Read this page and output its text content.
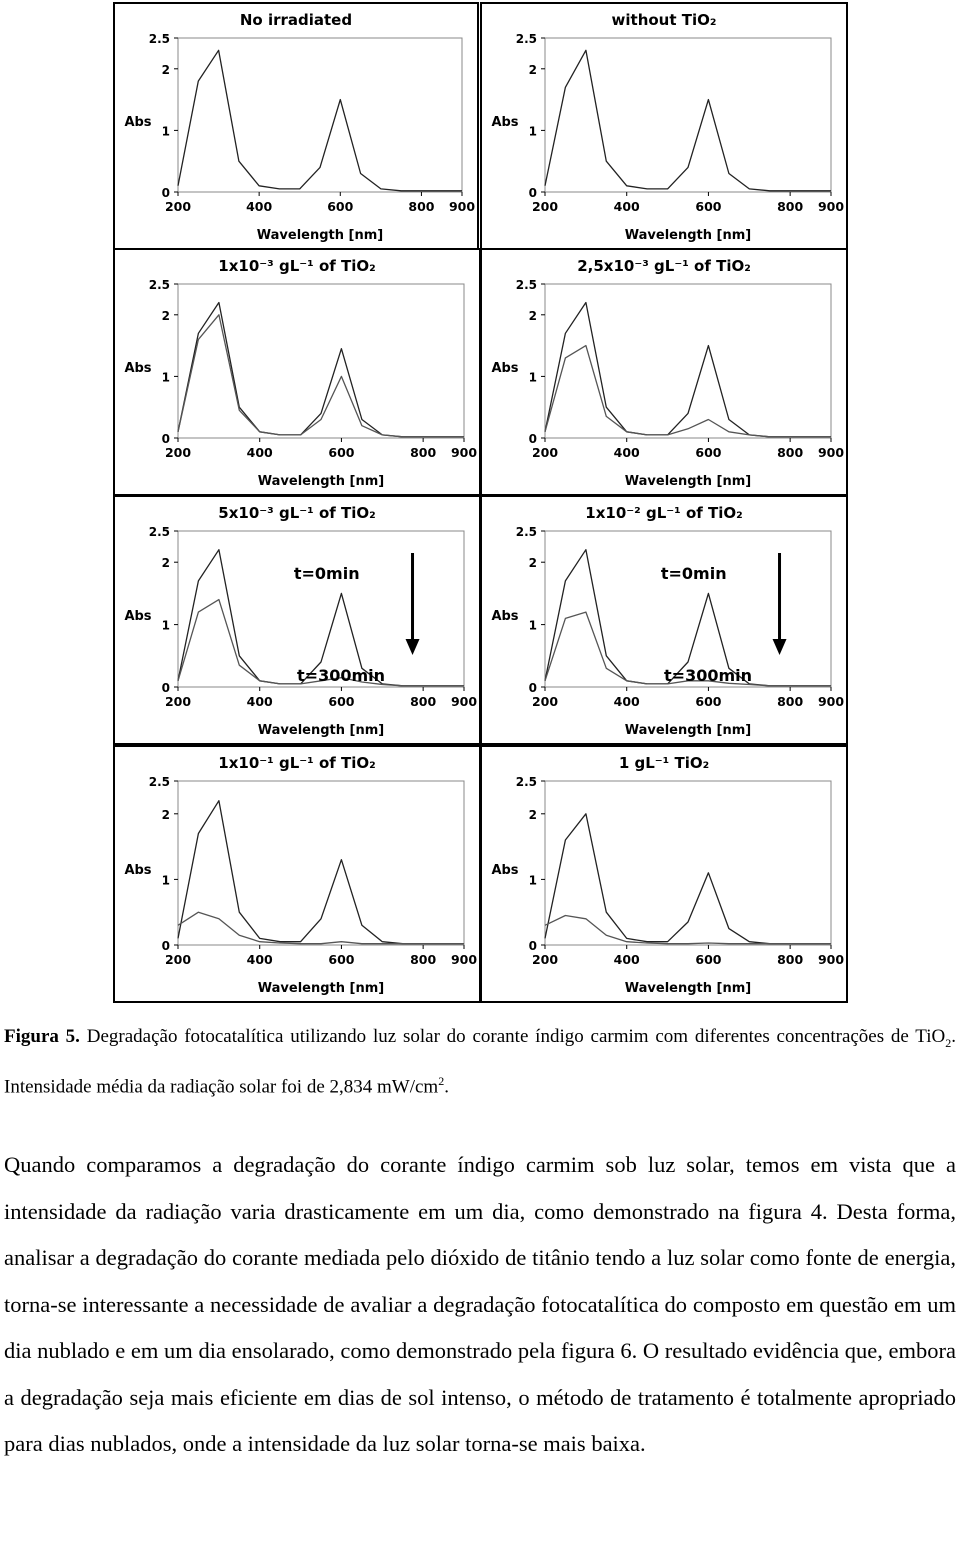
No irradiated
0
1
2
2.5
200	400	600	800 900
Abs
Wavelength [nm]
without TiO₂
0
1
2
2.5
200	400	600	800 900
Abs
Wavelength [nm]
1x10⁻³ gL⁻¹ of TiO₂
0
1
2
2.5
200	400	600	800 900
Abs
Wavelength [nm]
2,5x10⁻³ gL⁻¹ of TiO₂
0
1
2
2.5
200	400	600	800 900
Abs
Wavelength [nm]
5x10⁻³ gL⁻¹ of TiO₂
0
1
2
2.5
200	400	600	800 900
Abs
Wavelength [nm]
t=0min
t=300min
1x10⁻² gL⁻¹ of TiO₂
0
1
2
2.5
200	400	600	800 900
Abs
Wavelength [nm]
t=0min
t=300min
1x10⁻¹ gL⁻¹ of TiO₂
0
1
2
2.5
200	400	600	800 900
Abs
Wavelength [nm]
1 gL⁻¹ TiO₂
0
1
2
2.5
200	400	600	800 900
Abs
Wavelength [nm]
Figura 5. Degradação fotocatalítica utilizando luz solar do corante índigo carmim com diferentes concentrações de TiO$_2$. Intensidade média da radiação solar foi de 2,834 $mW/cm^2$.
Quando comparamos a degradação do corante índigo carmim sob luz solar, temos em vista que a intensidade da radiação varia drasticamente em um dia, como demonstrado na figura 4. Desta forma, analisar a degradação do corante mediada pelo dióxido de titânio tendo a luz solar como fonte de energia, torna-se interessante a necessidade de avaliar a degradação fotocatalítica do composto em questão em um dia nublado e em um dia ensolarado, como demonstrado pela figura 6. O resultado evidência que, embora a degradação seja mais eficiente em dias de sol intenso, o método de tratamento é totalmente apropriado para dias nublados, onde a intensidade da luz solar torna-se mais baixa.
